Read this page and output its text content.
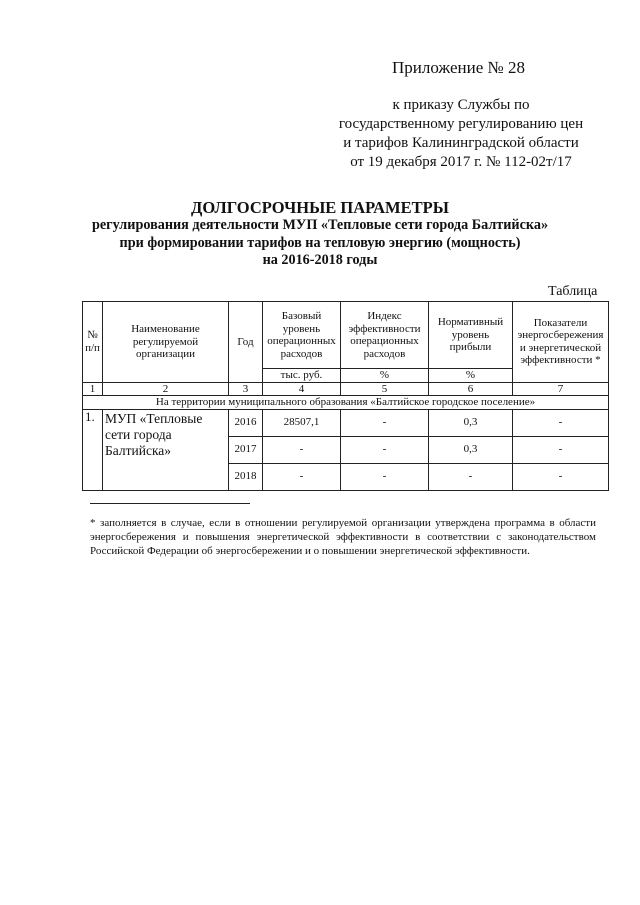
Приложение № 28
к приказу Службы по
государственному регулированию цен
и тарифов Калининградской области
от 19 декабря 2017 г. № 112-02т/17
ДОЛГОСРОЧНЫЕ ПАРАМЕТРЫ
регулирования деятельности МУП «Тепловые сети города Балтийска»
при формировании тарифов на тепловую энергию (мощность)
на 2016-2018 годы
Таблица
№ п/п	Наименование регулируемой организации	Год	Базовый уровень операционных расходов	Индекс эффективности операционных расходов	Нормативный уровень прибыли	Показатели энергосбережения и энергетической эффективности *
			тыс. руб.	%	%	
1	2	3	4	5	6	7
На территории муниципального образования «Балтийское городское поселение»						
1.	МУП «Тепловые сети города Балтийска»	2016	28507,1	-	0,3	-
		2017	-	-	0,3	-
		2018	-	-	-	-
* заполняется в случае, если в отношении регулируемой организации утверждена программа в области энергосбережения и повышения энергетической эффективности в соответствии с законодательством Российской Федерации об энергосбережении и о повышении энергетической эффективности.
